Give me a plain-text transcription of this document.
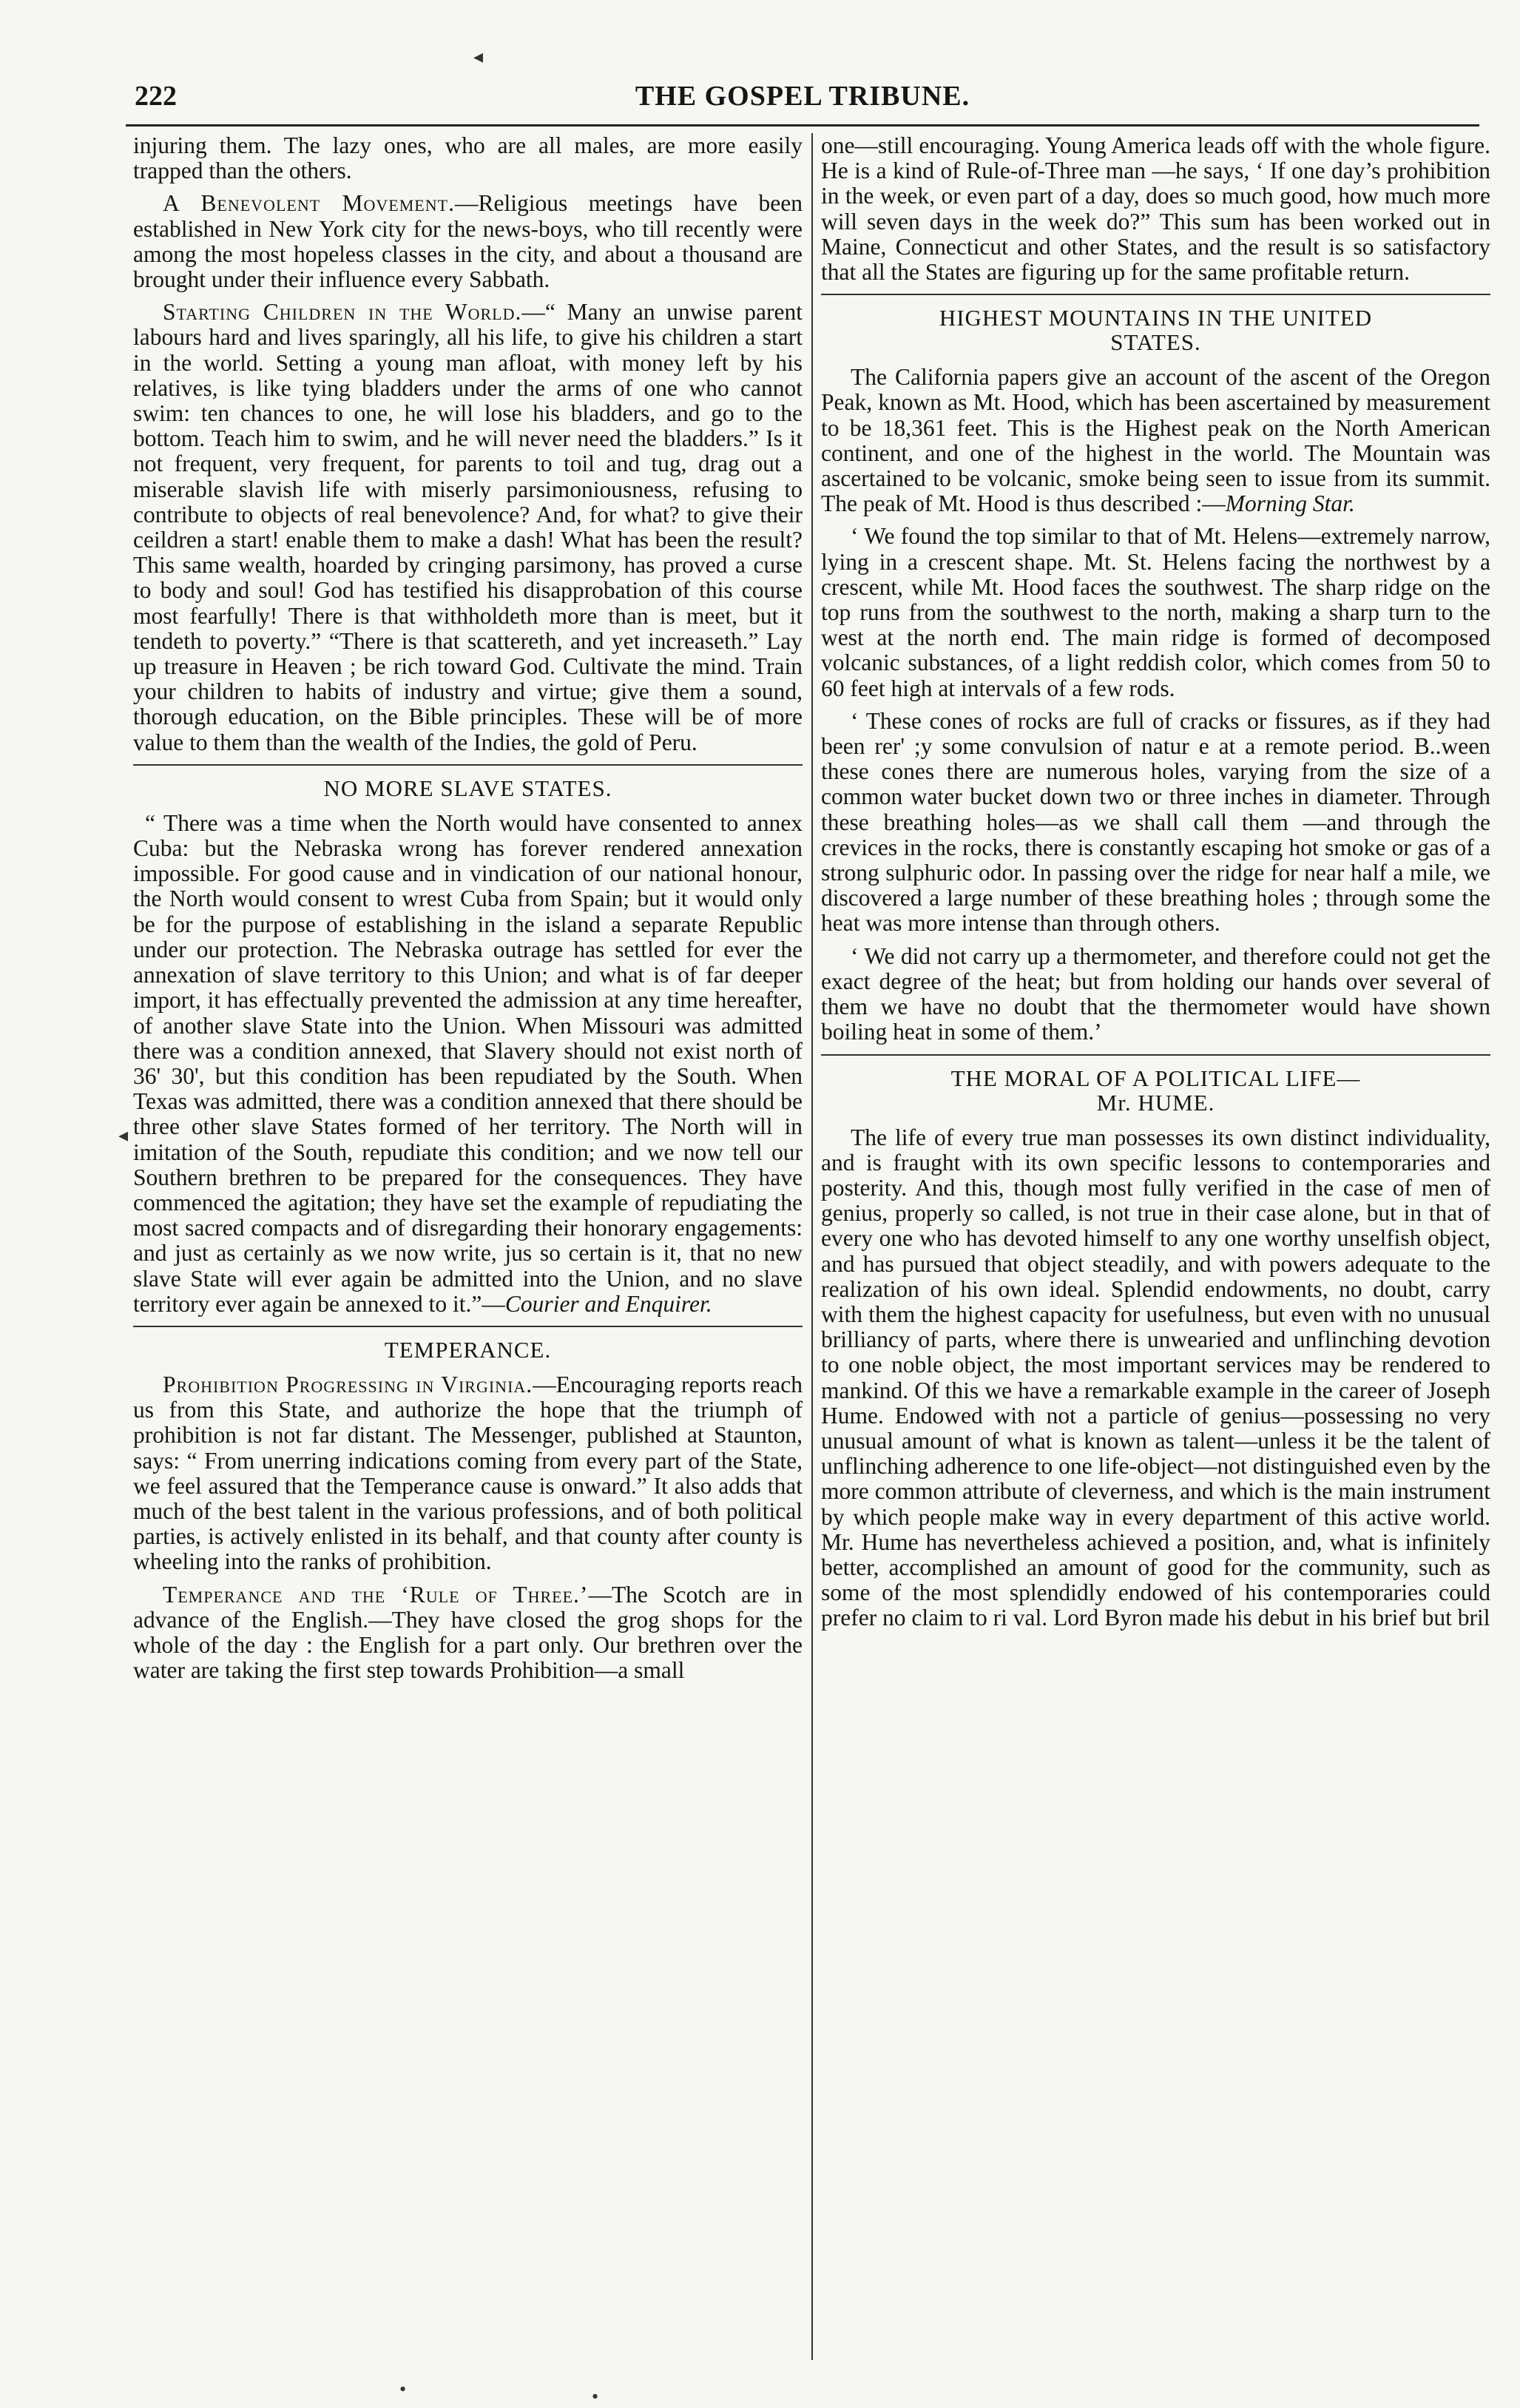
222	THE GOSPEL TRIBUNE.
◂
◂

injuring them. The lazy ones, who are all males, are more easily trapped than the others.

A Benevolent Movement.—Religious meetings have been established in New York city for the news-boys, who till recently were among the most hopeless classes in the city, and about a thousand are brought under their influence every Sabbath.

Starting Children in the World.—“ Many an unwise parent labours hard and lives sparingly, all his life, to give his children a start in the world. Setting a young man afloat, with money left by his relatives, is like tying bladders under the arms of one who cannot swim: ten chances to one, he will lose his bladders, and go to the bottom. Teach him to swim, and he will never need the bladders.” Is it not frequent, very frequent, for parents to toil and tug, drag out a miserable slavish life with miserly parsimoniousness, refusing to contribute to objects of real benevolence? And, for what? to give their ceildren a start! enable them to make a dash! What has been the result? This same wealth, hoarded by cringing parsimony, has proved a curse to body and soul! God has testified his disapprobation of this course most fearfully! There is that withholdeth more than is meet, but it tendeth to poverty.” “There is that scattereth, and yet increaseth.” Lay up treasure in Heaven ; be rich toward God. Cultivate the mind. Train your children to habits of industry and virtue; give them a sound, thorough education, on the Bible principles. These will be of more value to them than the wealth of the Indies, the gold of Peru.

NO MORE SLAVE STATES.

“ There was a time when the North would have consented to annex Cuba: but the Nebraska wrong has forever rendered annexation impossible. For good cause and in vindication of our national honour, the North would consent to wrest Cuba from Spain; but it would only be for the purpose of establishing in the island a separate Republic under our protection. The Nebraska outrage has settled for ever the annexation of slave territory to this Union; and what is of far deeper import, it has effectually prevented the admission at any time hereafter, of another slave State into the Union. When Missouri was admitted there was a condition annexed, that Slavery should not exist north of 36' 30', but this condition has been repudiated by the South. When Texas was admitted, there was a condition annexed that there should be three other slave States formed of her territory. The North will in imitation of the South, repudiate this condition; and we now tell our Southern brethren to be prepared for the consequences. They have commenced the agitation; they have set the example of repudiating the most sacred compacts and of disregarding their honorary engagements: and just as certainly as we now write, jus so certain is it, that no new slave State will ever again be admitted into the Union, and no slave territory ever again be annexed to it.”—Courier and Enquirer.

TEMPERANCE.

Prohibition Progressing in Virginia.—Encouraging reports reach us from this State, and authorize the hope that the triumph of prohibition is not far distant. The Messenger, published at Staunton, says: “ From unerring indications coming from every part of the State, we feel assured that the Temperance cause is onward.” It also adds that much of the best talent in the various professions, and of both political parties, is actively enlisted in its behalf, and that county after county is wheeling into the ranks of prohibition.

Temperance and the ‘Rule of Three.’—The Scotch are in advance of the English.—They have closed the grog shops for the whole of the day : the English for a part only. Our brethren over the water are taking the first step towards Prohibition—a small

one—still encouraging. Young America leads off with the whole figure. He is a kind of Rule-of-Three man —he says, ‘ If one day’s prohibition in the week, or even part of a day, does so much good, how much more will seven days in the week do?” This sum has been worked out in Maine, Connecticut and other States, and the result is so satisfactory that all the States are figuring up for the same profitable return.

HIGHEST MOUNTAINS IN THE UNITED
STATES.

The California papers give an account of the ascent of the Oregon Peak, known as Mt. Hood, which has been ascertained by measurement to be 18,361 feet. This is the Highest peak on the North American continent, and one of the highest in the world. The Mountain was ascertained to be volcanic, smoke being seen to issue from its summit. The peak of Mt. Hood is thus described :—Morning Star.

‘ We found the top similar to that of Mt. Helens—extremely narrow, lying in a crescent shape. Mt. St. Helens facing the northwest by a crescent, while Mt. Hood faces the southwest. The sharp ridge on the top runs from the southwest to the north, making a sharp turn to the west at the north end. The main ridge is formed of decomposed volcanic substances, of a light reddish color, which comes from 50 to 60 feet high at intervals of a few rods.

‘ These cones of rocks are full of cracks or fissures, as if they had been rer' ;y some convulsion of natur e at a remote period. B..ween these cones there are numerous holes, varying from the size of a common water bucket down two or three inches in diameter. Through these breathing holes—as we shall call them —and through the crevices in the rocks, there is constantly escaping hot smoke or gas of a strong sulphuric odor. In passing over the ridge for near half a mile, we discovered a large number of these breathing holes ; through some the heat was more intense than through others.

‘ We did not carry up a thermometer, and therefore could not get the exact degree of the heat; but from holding our hands over several of them we have no doubt that the thermometer would have shown boiling heat in some of them.’

THE MORAL OF A POLITICAL LIFE—
Mr. HUME.

The life of every true man possesses its own distinct individuality, and is fraught with its own specific lessons to contemporaries and posterity. And this, though most fully verified in the case of men of genius, properly so called, is not true in their case alone, but in that of every one who has devoted himself to any one worthy unselfish object, and has pursued that object steadily, and with powers adequate to the realization of his own ideal. Splendid endowments, no doubt, carry with them the highest capacity for usefulness, but even with no unusual brilliancy of parts, where there is unwearied and unflinching devotion to one noble object, the most important services may be rendered to mankind. Of this we have a remarkable example in the career of Joseph Hume. Endowed with not a particle of genius—possessing no very unusual amount of what is known as talent—unless it be the talent of unflinching adherence to one life-object—not distinguished even by the more common attribute of cleverness, and which is the main instrument by which people make way in every department of this active world. Mr. Hume has nevertheless achieved a position, and, what is infinitely better, accomplished an amount of good for the community, such as some of the most splendidly endowed of his contemporaries could prefer no claim to ri val. Lord Byron made his debut in his brief but bril

•	•
